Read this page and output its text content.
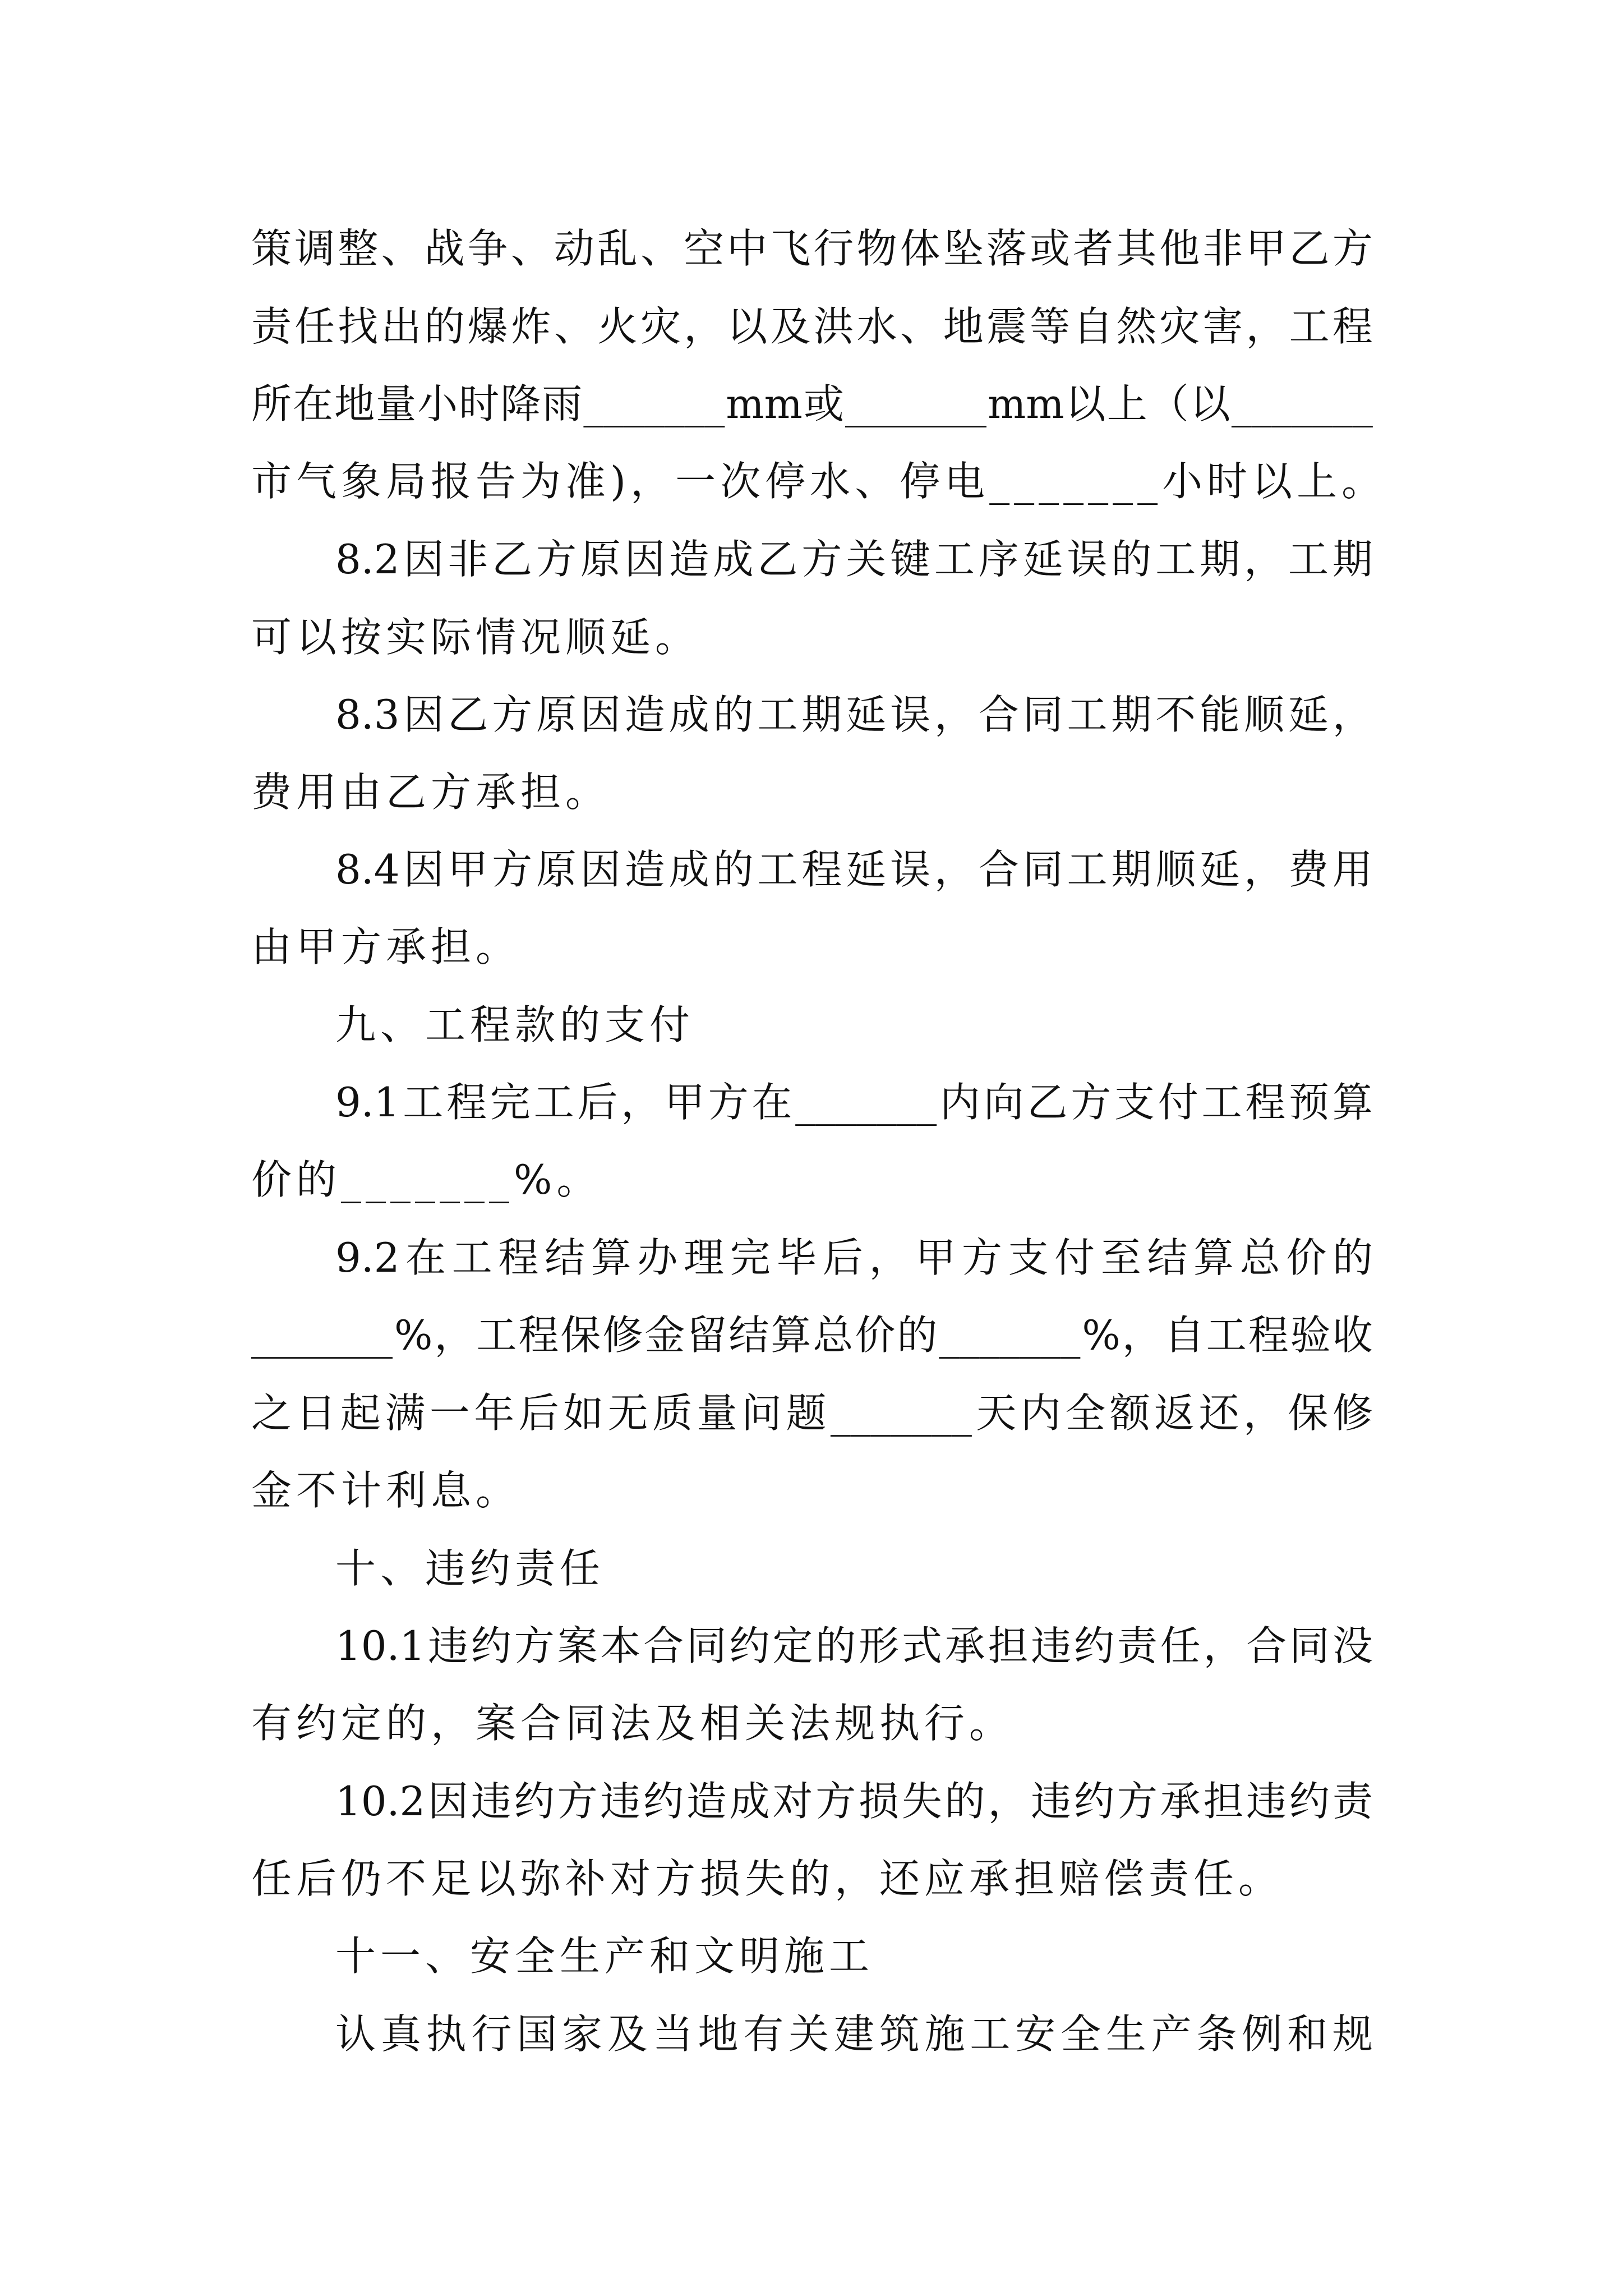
策 调 整 、 战 争 、 动 乱 、 空 中 飞 行 物 体 坠 落 或 者 其 他 非 甲 乙 方
责 任 找 出 的 爆 炸 、 火 灾 ， 以 及 洪 水 、 地 震 等 自 然 灾 害 ， 工 程
所 在 地 量 小 时 降 雨 _______ mm 或 _______ mm 以 上 （ 以 _______
市气象局报告为准)，一次停水、停电_______小时以上。
8.2 因 非 乙 方 原 因 造 成 乙 方 关 键 工 序 延 误 的 工 期 ， 工 期
可以按实际情况顺延。
8.3 因 乙 方 原 因 造 成 的 工 期 延 误 ， 合 同 工 期 不 能 顺 延 ，
费用由乙方承担。
8.4 因 甲 方 原 因 造 成 的 工 程 延 误 ， 合 同 工 期 顺 延 ， 费 用
由甲方承担。
九、工程款的支付
9.1 工 程 完 工 后 ， 甲 方 在 _______ 内 向 乙 方 支 付 工 程 预 算
价的_______%。
9.2 在 工 程 结 算 办 理 完 毕 后 ， 甲 方 支 付 至 结 算 总 价 的
_______ % ， 工 程 保 修 金 留 结 算 总 价 的 _______ % ， 自 工 程 验 收
之 日 起 满 一 年 后 如 无 质 量 问 题 _______ 天 内 全 额 返 还 ， 保 修
金不计利息。
十、违约责任
10.1 违 约 方 案 本 合 同 约 定 的 形 式 承 担 违 约 责 任 ， 合 同 没
有约定的，案合同法及相关法规执行。
10.2 因 违 约 方 违 约 造 成 对 方 损 失 的 ， 违 约 方 承 担 违 约 责
任后仍不足以弥补对方损失的，还应承担赔偿责任。
十一、安全生产和文明施工
认 真 执 行 国 家 及 当 地 有 关 建 筑 施 工 安 全 生 产 条 例 和 规
